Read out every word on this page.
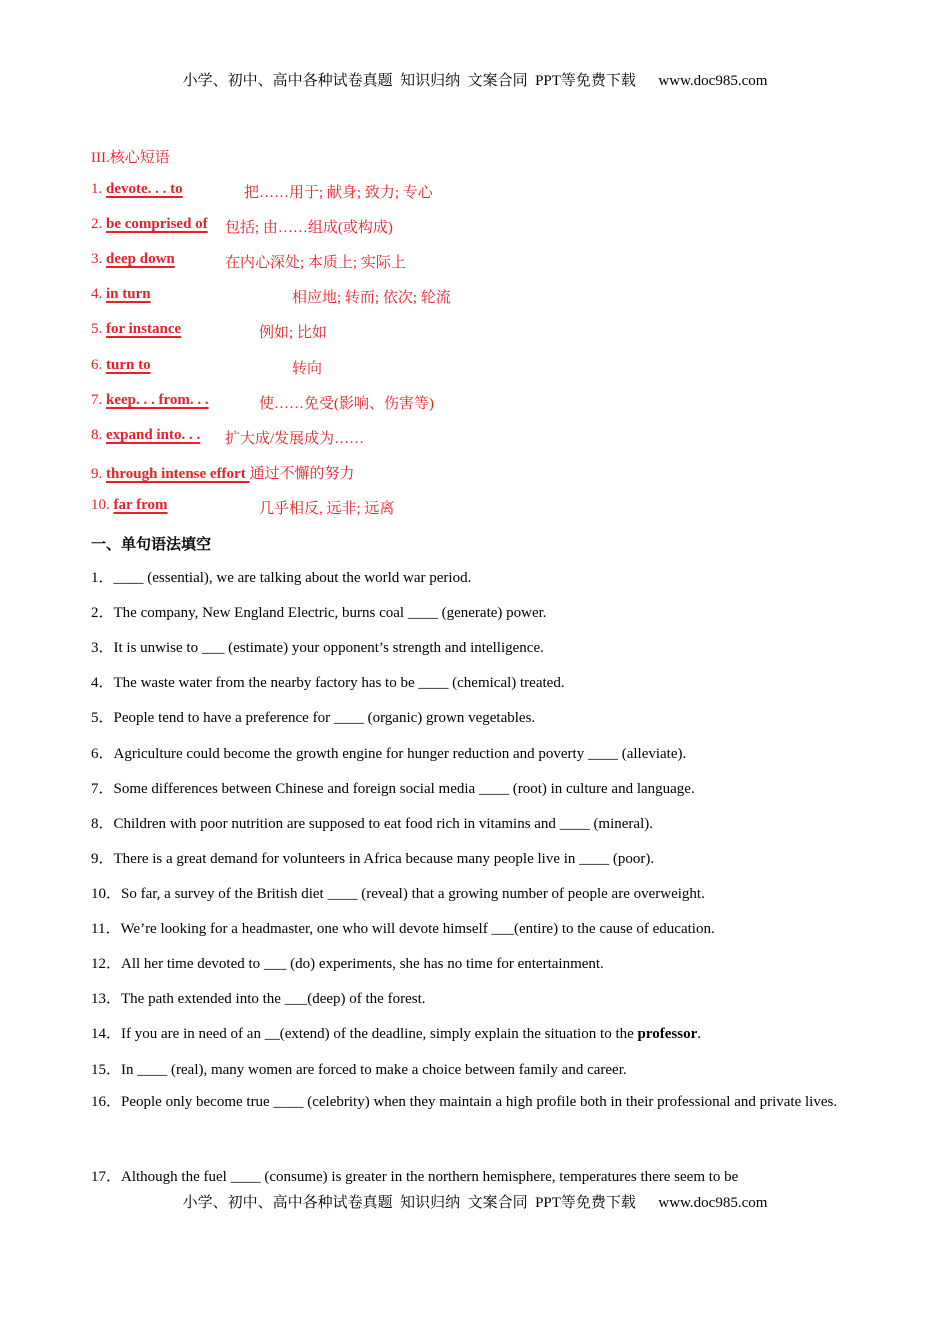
小学、初中、高中各种试卷真题  知识归纳  文案合同  PPT等免费下载      www.doc985.com
III.核心短语
1. devote. . . to	把……用于; 献身; 致力; 专心
2. be comprised of 包括; 由……组成(或构成)
3. deep down	在内心深处; 本质上; 实际上
4. in turn	相应地; 转而; 依次; 轮流
5. for instance	例如; 比如
6. turn to	转向
7. keep. . . from. . .	使……免受(影响、伤害等)
8. expand into. . . 扩大成/发展成为……
9. through intense effort 通过不懈的努力
10. far from	几乎相反, 远非; 远离
一、单句语法填空
1．____ (essential), we are talking about the world war period.
2．The company, New England Electric, burns coal ____ (generate) power.
3．It is unwise to ___ (estimate) your opponent’s strength and intelligence.
4．The waste water from the nearby factory has to be ____ (chemical) treated.
5．People tend to have a preference for ____ (organic) grown vegetables.
6．Agriculture could become the growth engine for hunger reduction and poverty ____ (alleviate).
7．Some differences between Chinese and foreign social media ____ (root) in culture and language.
8．Children with poor nutrition are supposed to eat food rich in vitamins and ____ (mineral).
9．There is a great demand for volunteers in Africa because many people live in ____ (poor).
10．So far, a survey of the British diet ____ (reveal) that a growing number of people are overweight.
11．We’re looking for a headmaster, one who will devote himself ___(entire) to the cause of education.
12．All her time devoted to ___ (do) experiments, she has no time for entertainment.
13．The path extended into the ___(deep) of the forest.
14．If you are in need of an __(extend) of the deadline, simply explain the situation to the professor.
15．In ____ (real), many women are forced to make a choice between family and career.
16．People only become true ____ (celebrity) when they maintain a high profile both in their professional and private lives.
17．Although the fuel ____ (consume) is greater in the northern hemisphere, temperatures there seem to be
小学、初中、高中各种试卷真题  知识归纳  文案合同  PPT等免费下载      www.doc985.com
